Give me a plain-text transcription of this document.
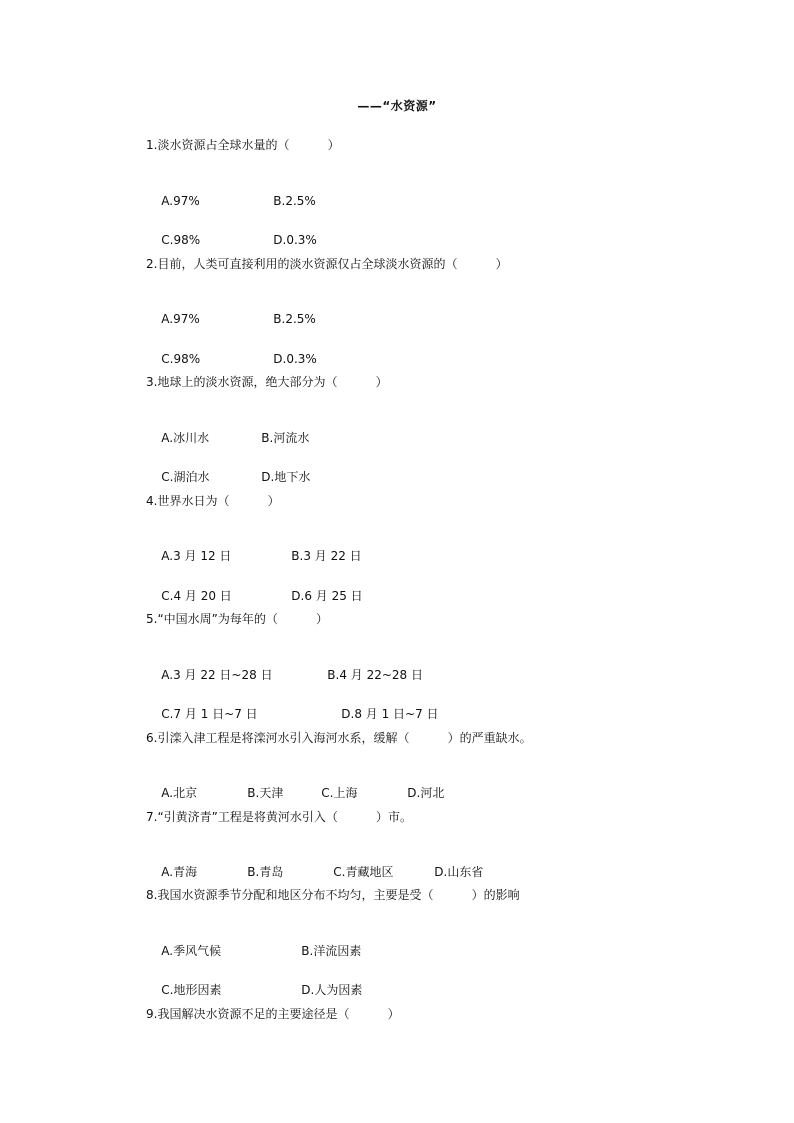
——“水资源”
1.淡水资源占全球水量的（          ）

A.97%	B.2.5%

C.98%	D.0.3%

2.目前，人类可直接利用的淡水资源仅占全球淡水资源的（          ）

A.97%	B.2.5%

C.98%	D.0.3%

3.地球上的淡水资源，绝大部分为（          ）

A.冰川水	B.河流水

C.湖泊水	D.地下水

4.世界水日为（          ）

A.3 月 12 日	B.3 月 22 日

C.4 月 20 日	D.6 月 25 日

5.“中国水周”为每年的（          ）

A.3 月 22 日~28 日	B.4 月 22~28 日

C.7 月 1 日~7 日	D.8 月 1 日~7 日

6.引滦入津工程是将滦河水引入海河水系，缓解（          ）的严重缺水。

A.北京	B.天津	C.上海	D.河北

7.“引黄济青”工程是将黄河水引入（          ）市。

A.青海	B.青岛	C.青藏地区	D.山东省

8.我国水资源季节分配和地区分布不均匀，主要是受（          ）的影响

A.季风气候	B.洋流因素

C.地形因素	D.人为因素

9.我国解决水资源不足的主要途径是（          ）
